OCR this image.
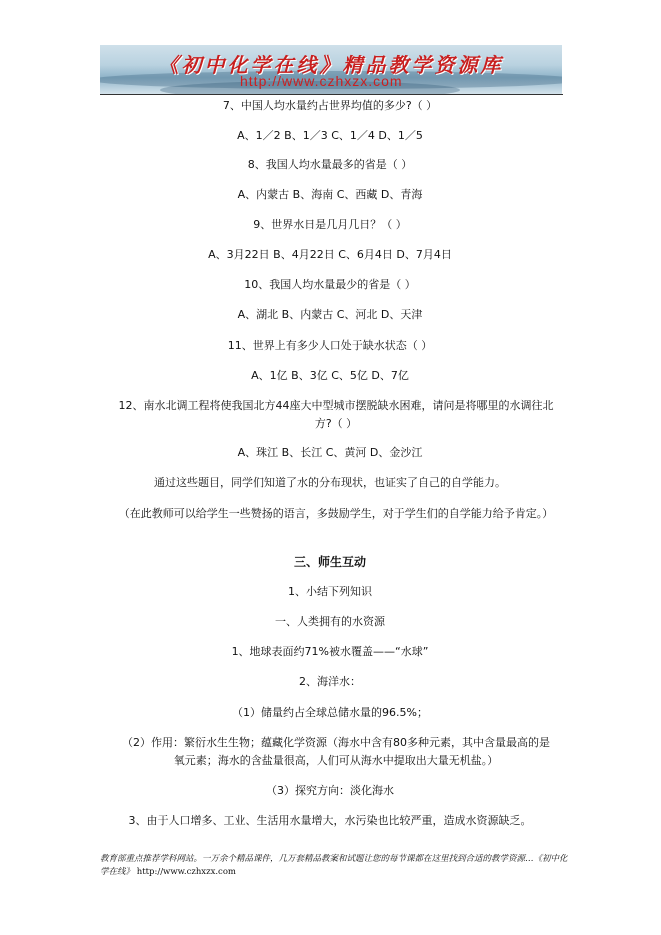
《初中化学在线》精品教学资源库
http://www.czhxzx.com
7、中国人均水量约占世界均值的多少?（ ）
A、1／2 B、1／3 C、1／4 D、1／5
8、我国人均水量最多的省是（ ）
A、内蒙古 B、海南 C、西藏 D、青海
9、世界水日是几月几日？（ ）
A、3月22日 B、4月22日 C、6月4日 D、7月4日
10、我国人均水量最少的省是（ ）
A、湖北 B、内蒙古 C、河北 D、天津
11、世界上有多少人口处于缺水状态（ ）
A、1亿 B、3亿 C、5亿 D、7亿
12、南水北调工程将使我国北方44座大中型城市摆脱缺水困难，请问是将哪里的水调往北方?（ ）
A、珠江 B、长江 C、黄河 D、金沙江
通过这些题目，同学们知道了水的分布现状，也证实了自己的自学能力。
（在此教师可以给学生一些赞扬的语言，多鼓励学生，对于学生们的自学能力给予肯定。）
三、师生互动
1、小结下列知识
一、人类拥有的水资源
1、地球表面约71%被水覆盖——“水球”
2、海洋水：
（1）储量约占全球总储水量的96.5%；
（2）作用：繁衍水生生物；蕴藏化学资源（海水中含有80多种元素，其中含量最高的是氧元素；海水的含盐量很高，人们可从海水中提取出大量无机盐。）
（3）探究方向：淡化海水
3、由于人口增多、工业、生活用水量增大，水污染也比较严重，造成水资源缺乏。
教育部重点推荐学科网站。一万余个精品课件，几万套精品教案和试题让您的每节课都在这里找到合适的教学资源…《初中化学在线》 http://www.czhxzx.com
